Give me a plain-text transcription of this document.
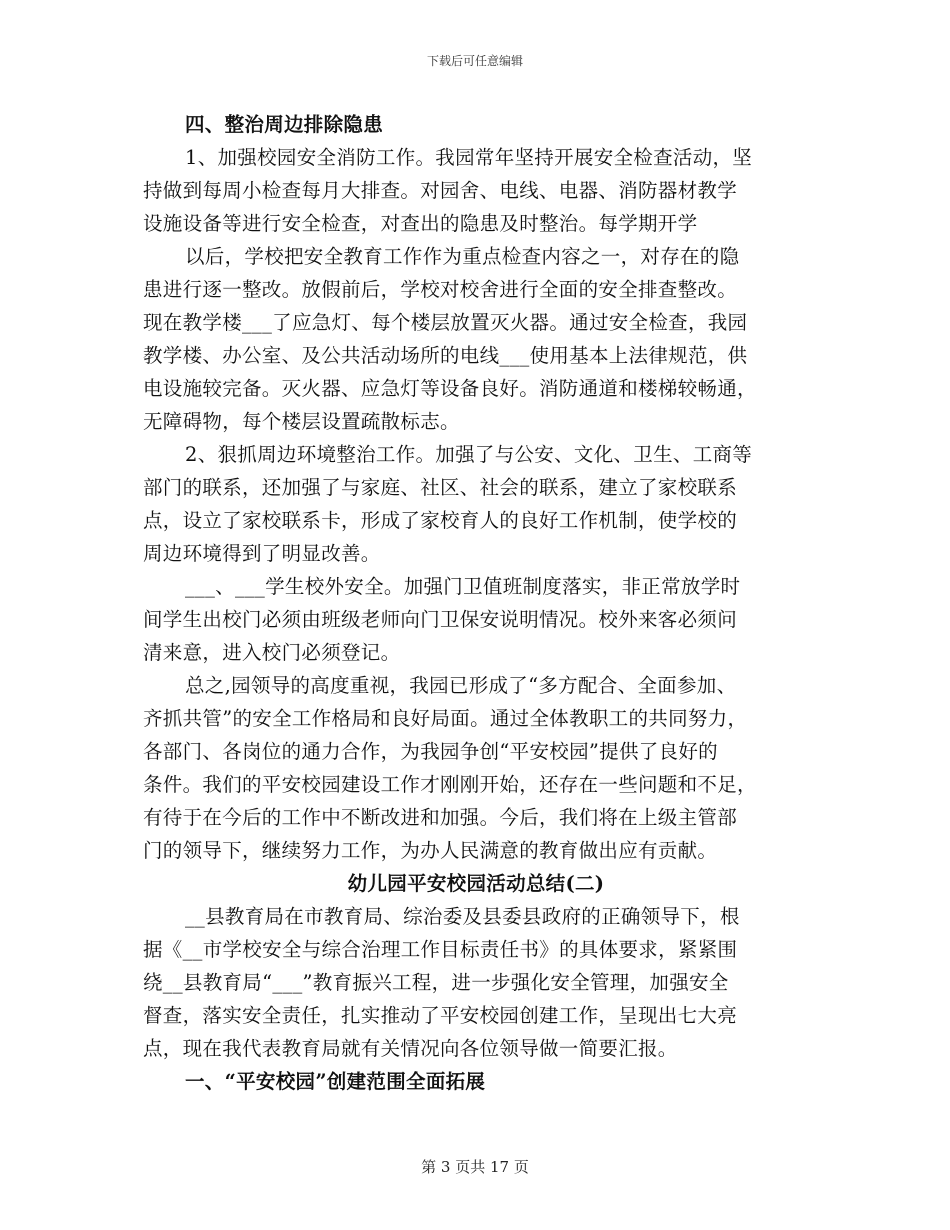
下载后可任意编辑
四、整治周边排除隐患
1、加强校园安全消防工作。我园常年坚持开展安全检查活动，坚
持做到每周小检查每月大排查。对园舍、电线、电器、消防器材教学
设施设备等进行安全检查，对查出的隐患及时整治。每学期开学
以后，学校把安全教育工作作为重点检查内容之一，对存在的隐
患进行逐一整改。放假前后，学校对校舍进行全面的安全排查整改。
现在教学楼___了应急灯、每个楼层放置灭火器。通过安全检查，我园
教学楼、办公室、及公共活动场所的电线___使用基本上法律规范，供
电设施较完备。灭火器、应急灯等设备良好。消防通道和楼梯较畅通，
无障碍物，每个楼层设置疏散标志。
2、狠抓周边环境整治工作。加强了与公安、文化、卫生、工商等
部门的联系，还加强了与家庭、社区、社会的联系，建立了家校联系
点，设立了家校联系卡，形成了家校育人的良好工作机制，使学校的
周边环境得到了明显改善。
___、___学生校外安全。加强门卫值班制度落实，非正常放学时
间学生出校门必须由班级老师向门卫保安说明情况。校外来客必须问
清来意，进入校门必须登记。
总之,园领导的高度重视，我园已形成了“多方配合、全面参加、
齐抓共管”的安全工作格局和良好局面。通过全体教职工的共同努力，
各部门、各岗位的通力合作，为我园争创“平安校园”提供了良好的
条件。我们的平安校园建设工作才刚刚开始，还存在一些问题和不足，
有待于在今后的工作中不断改进和加强。今后，我们将在上级主管部
门的领导下，继续努力工作，为办人民满意的教育做出应有贡献。
幼儿园平安校园活动总结(二)
__县教育局在市教育局、综治委及县委县政府的正确领导下，根
据《__市学校安全与综合治理工作目标责任书》的具体要求，紧紧围
绕__县教育局“___”教育振兴工程，进一步强化安全管理，加强安全
督查，落实安全责任，扎实推动了平安校园创建工作，呈现出七大亮
点，现在我代表教育局就有关情况向各位领导做一简要汇报。
一、“平安校园”创建范围全面拓展
第 3 页共 17 页
